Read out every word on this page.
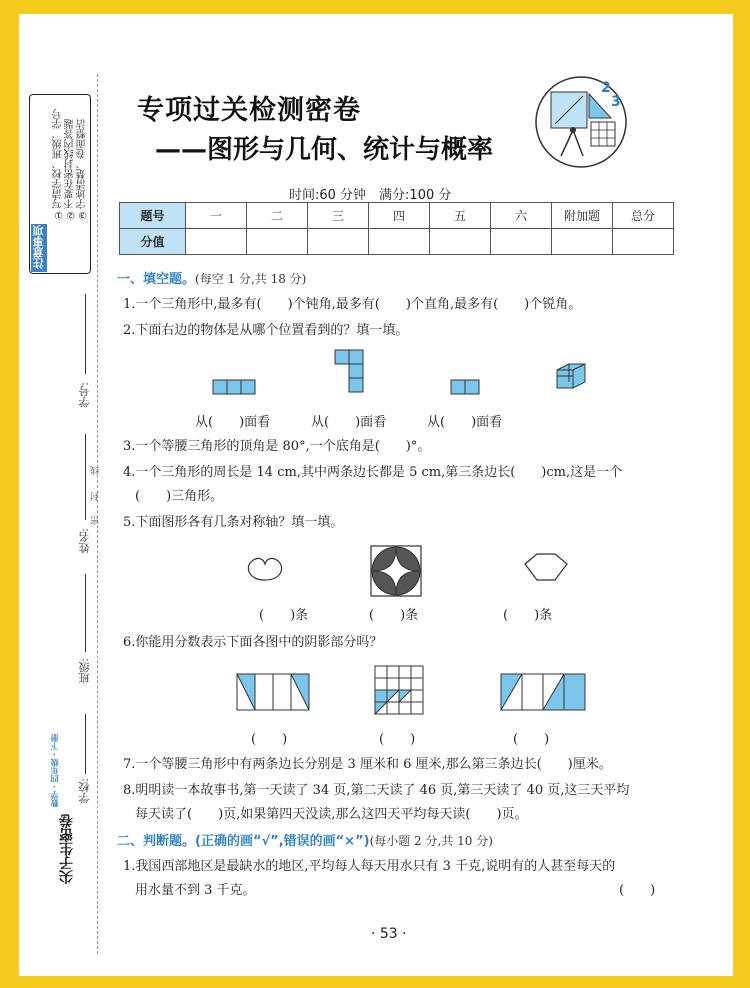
注意事项
①写清学校、班级、学号 ②不要在密封线内答题 ③字迹清楚、卷面整洁
学号:
线
封
密
姓名:
班级:
学校:
数学 · 四年级 · 下册
尖子生密卷
专项过关检测密卷
——图形与几何、统计与概率
2
3
时间:60 分钟　满分:100 分
题号	一	二	三	四	五	六	附加题	总分
分值								
一、填空题。(每空 1 分,共 18 分)
1.一个三角形中,最多有(　　)个钝角,最多有(　　)个直角,最多有(　　)个锐角。
2.下面右边的物体是从哪个位置看到的？填一填。
从(　　)面看	从(　　)面看	从(　　)面看
3.一个等腰三角形的顶角是 80°,一个底角是(　　)°。
4.一个三角形的周长是 14 cm,其中两条边长都是 5 cm,第三条边长(　　)cm,这是一个
(　　)三角形。
5.下面图形各有几条对称轴？填一填。
(　　)条	(　　)条	(　　)条
6.你能用分数表示下面各图中的阴影部分吗？
(　　)	(　　)	(　　)
7.一个等腰三角形中有两条边长分别是 3 厘米和 6 厘米,那么第三条边长(　　)厘米。
8.明明读一本故事书,第一天读了 34 页,第二天读了 46 页,第三天读了 40 页,这三天平均
每天读了(　　)页,如果第四天没读,那么这四天平均每天读(　　)页。
二、判断题。(正确的画“√”,错误的画“×”)(每小题 2 分,共 10 分)
1.我国西部地区是最缺水的地区,平均每人每天用水只有 3 千克,说明有的人甚至每天的
用水量不到 3 千克。	(　　)
· 53 ·
